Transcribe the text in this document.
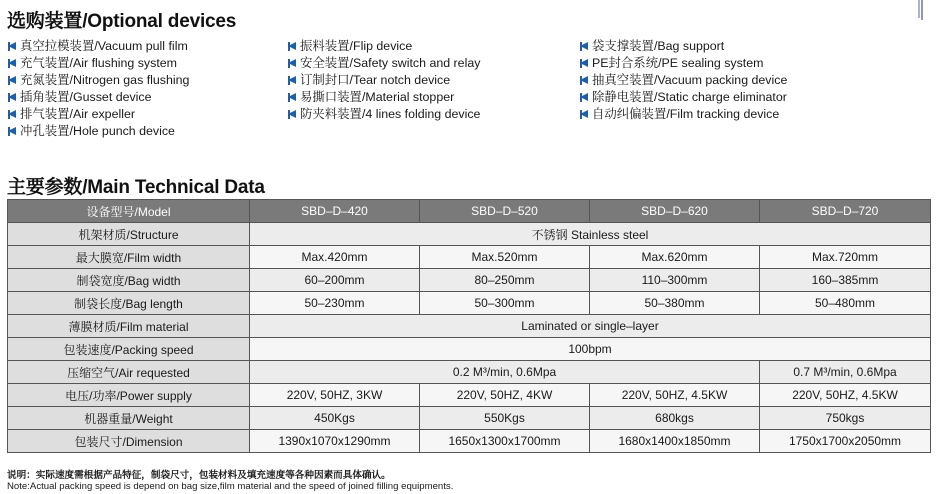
选购装置/Optional devices
真空拉模装置/Vacuum pull film
充气装置/Air flushing system
充氮装置/Nitrogen gas flushing
插角装置/Gusset device
排气装置/Air expeller
冲孔装置/Hole punch device
振料装置/Flip device
安全装置/Safety switch and relay
订制封口/Tear notch device
易撕口装置/Material stopper
防夹料装置/4 lines folding device
袋支撑装置/Bag support
PE封合系统/PE sealing system
抽真空装置/Vacuum packing device
除静电装置/Static charge eliminator
自动纠偏装置/Film tracking device
主要参数/Main Technical Data
设备型号/Model	SBD–D–420	SBD–D–520	SBD–D–620	SBD–D–720
机架材质/Structure	不锈钢 Stainless steel			
最大膜宽/Film width	Max.420mm	Max.520mm	Max.620mm	Max.720mm
制袋宽度/Bag width	60–200mm	80–250mm	110–300mm	160–385mm
制袋长度/Bag length	50–230mm	50–300mm	50–380mm	50–480mm
薄膜材质/Film material	Laminated or single–layer			
包装速度/Packing speed	100bpm			
压缩空气/Air requested	0.2 M³/min, 0.6Mpa			0.7 M³/min, 0.6Mpa
电压/功率/Power supply	220V, 50HZ, 3KW	220V, 50HZ, 4KW	220V, 50HZ, 4.5KW	220V, 50HZ, 4.5KW
机器重量/Weight	450Kgs	550Kgs	680kgs	750kgs
包装尺寸/Dimension	1390x1070x1290mm	1650x1300x1700mm	1680x1400x1850mm	1750x1700x2050mm
说明：实际速度需根据产品特征，制袋尺寸，包装材料及填充速度等各种因素而具体确认。
Note:Actual packing speed is depend on bag size,film material and the speed of joined filling equipments.
